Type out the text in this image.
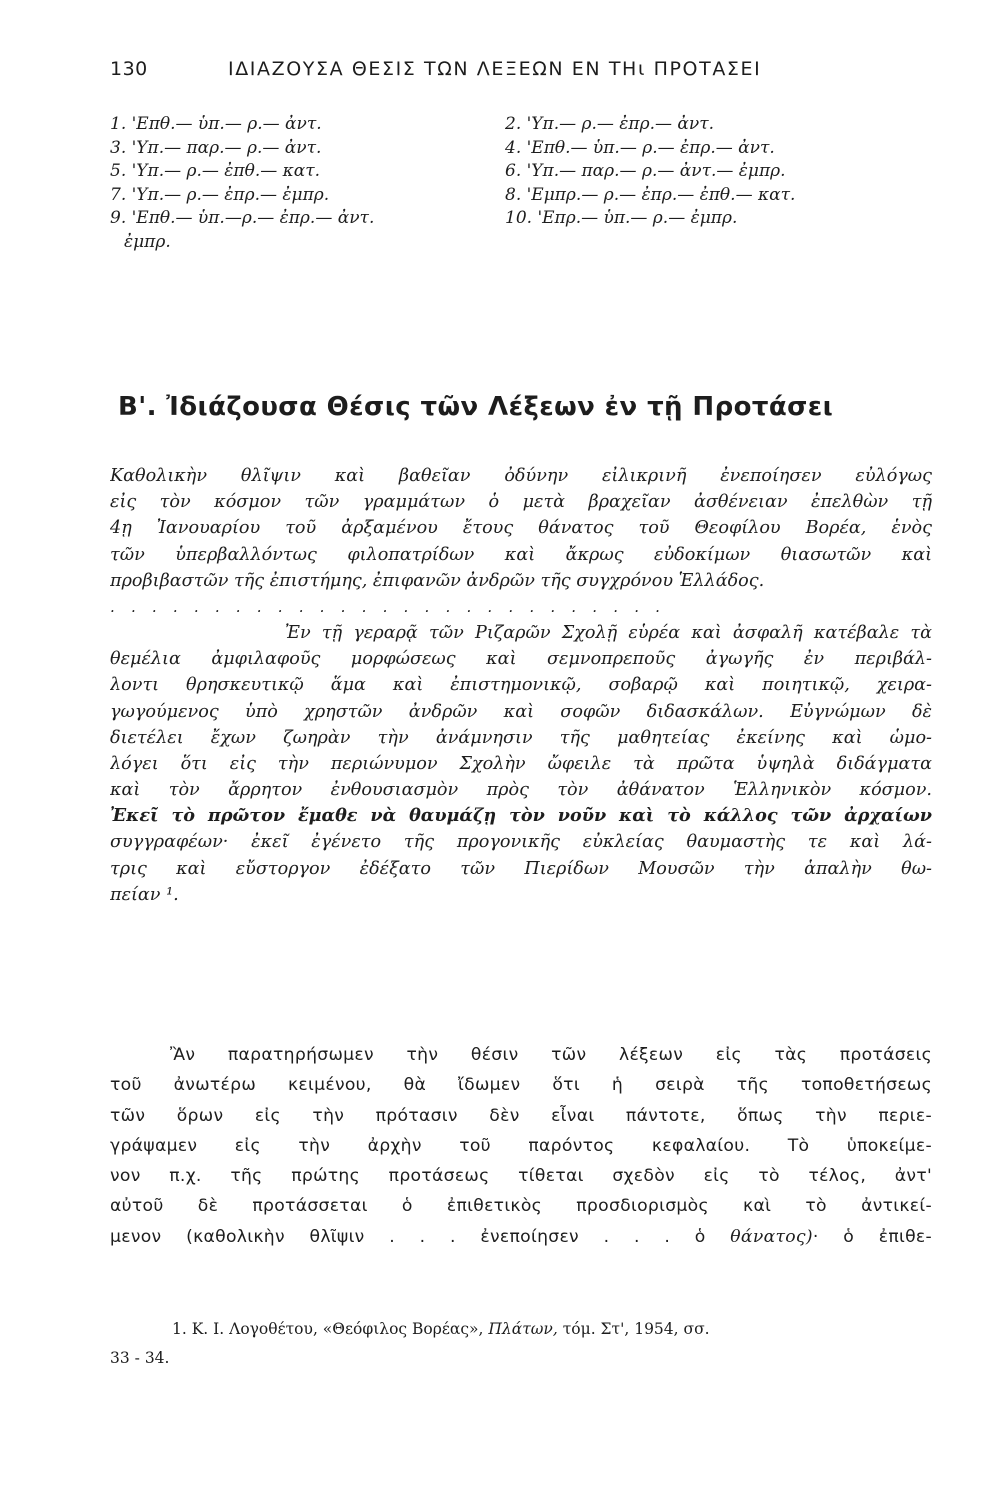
130	ΙΔΙΑΖΟΥΣΑ ΘΕΣΙΣ ΤΩΝ ΛΕΞΕΩΝ ΕΝ ΤΗι ΠΡΟΤΑΣΕΙ
1. 'Επθ.— ὑπ.— ρ.— ἀντ.	2. 'Υπ.— ρ.— ἐπρ.— ἀντ.
3. 'Υπ.— παρ.— ρ.— ἀντ.	4. 'Επθ.— ὑπ.— ρ.— ἐπρ.— ἀντ.
5. 'Υπ.— ρ.— ἐπθ.— κατ.	6. 'Υπ.— παρ.— ρ.— ἀντ.— ἐμπρ.
7. 'Υπ.— ρ.— ἐπρ.— ἐμπρ.	8. 'Εμπρ.— ρ.— ἐπρ.— ἐπθ.— κατ.
9. 'Επθ.— ὑπ.—ρ.— ἐπρ.— ἀντ.	10. 'Επρ.— ὑπ.— ρ.— ἐμπρ.
ἐμπρ.
Β'. Ἰδιάζουσα Θέσις τῶν Λέξεων ἐν τῇ Προτάσει
Καθολικὴν θλῖψιν καὶ βαθεῖαν ὀδύνην εἰλικρινῆ ἐνεποίησεν εὐλόγως
εἰς τὸν κόσμον τῶν γραμμάτων ὁ μετὰ βραχεῖαν ἀσθένειαν ἐπελθὼν τῇ
4ῃ Ἰανουαρίου τοῦ ἀρξαμένου ἔτους θάνατος τοῦ Θεοφίλου Βορέα, ἑνὸς
τῶν ὑπερβαλλόντως φιλοπατρίδων καὶ ἄκρως εὐδοκίμων θιασωτῶν καὶ
προβιβαστῶν τῆς ἐπιστήμης, ἐπιφανῶν ἀνδρῶν τῆς συγχρόνου Ἑλλάδος.
...........................
Ἐν τῇ γεραρᾷ τῶν Ριζαρῶν Σχολῇ εὑρέα καὶ ἀσφαλῆ κατέβαλε τὰ
θεμέλια ἀμφιλαφοῦς μορφώσεως καὶ σεμνοπρεποῦς ἀγωγῆς ἐν περιβάλ-
λοντι θρησκευτικῷ ἅμα καὶ ἐπιστημονικῷ, σοβαρῷ καὶ ποιητικῷ, χειρα-
γωγούμενος ὑπὸ χρηστῶν ἀνδρῶν καὶ σοφῶν διδασκάλων. Εὐγνώμων δὲ
διετέλει ἔχων ζωηρὰν τὴν ἀνάμνησιν τῆς μαθητείας ἐκείνης καὶ ὡμο-
λόγει ὅτι εἰς τὴν περιώνυμον Σχολὴν ὤφειλε τὰ πρῶτα ὑψηλὰ διδάγματα
καὶ τὸν ἄρρητον ἐνθουσιασμὸν πρὸς τὸν ἀθάνατον Ἑλληνικὸν κόσμον.
Ἐκεῖ τὸ πρῶτον ἔμαθε νὰ θαυμάζῃ τὸν νοῦν καὶ τὸ κάλλος τῶν ἀρχαίων
συγγραφέων· ἐκεῖ ἐγένετο τῆς προγονικῆς εὐκλείας θαυμαστὴς τε καὶ λά-
τρις καὶ εὔστοργον ἐδέξατο τῶν Πιερίδων Μουσῶν τὴν ἁπαλὴν θω-
πείαν ¹.
Ἂν παρατηρήσωμεν τὴν θέσιν τῶν λέξεων εἰς τὰς προτάσεις
τοῦ ἀνωτέρω κειμένου, θὰ ἴδωμεν ὅτι ἡ σειρὰ τῆς τοποθετήσεως
τῶν ὅρων εἰς τὴν πρότασιν δὲν εἶναι πάντοτε, ὅπως τὴν περιε-
γράψαμεν εἰς τὴν ἀρχὴν τοῦ παρόντος κεφαλαίου. Τὸ ὑποκείμε-
νον π.χ. τῆς πρώτης προτάσεως τίθεται σχεδὸν εἰς τὸ τέλος, ἀντ'
αὐτοῦ δὲ προτάσσεται ὁ ἐπιθετικὸς προσδιορισμὸς καὶ τὸ ἀντικεί-
μενον (καθολικὴν θλῖψιν . . . ἐνεποίησεν . . . ὁ θάνατος)· ὁ ἐπιθε-
1. Κ. Ι. Λογοθέτου, «Θεόφιλος Βορέας», Πλάτων, τόμ. Στ', 1954, σσ.
33 - 34.
